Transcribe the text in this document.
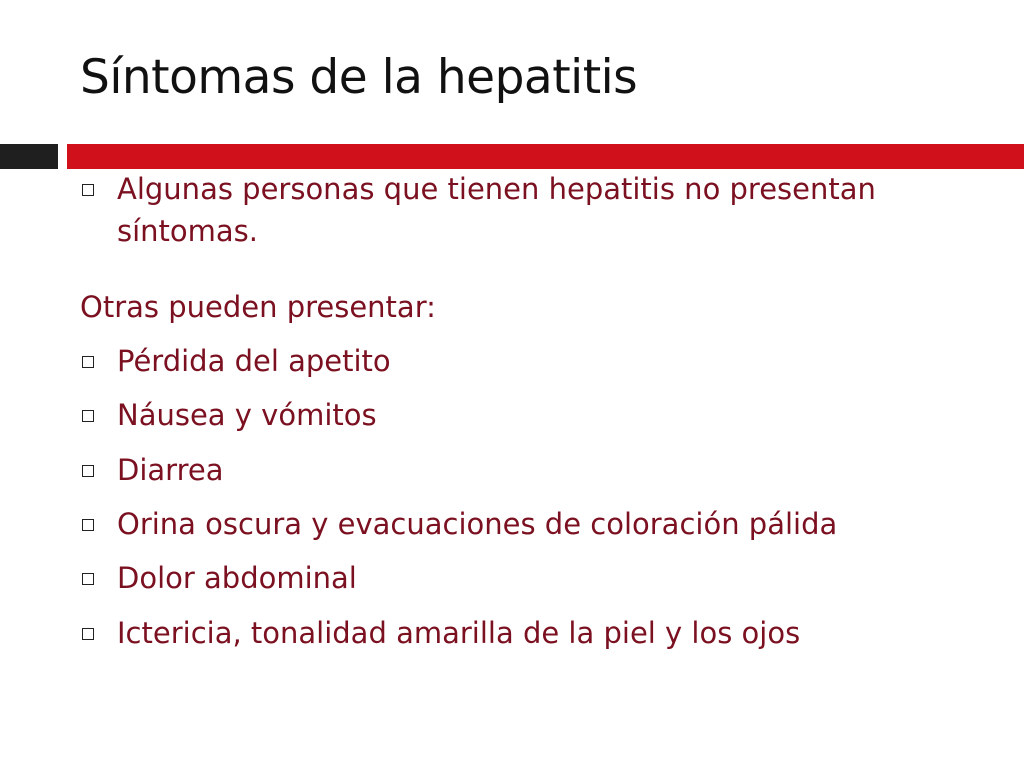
Síntomas de la hepatitis
Algunas personas que tienen hepatitis no presentan
síntomas.
Otras pueden presentar:
Pérdida del apetito
Náusea y vómitos
Diarrea
Orina oscura y evacuaciones de coloración pálida
Dolor abdominal
Ictericia, tonalidad amarilla de la piel y los ojos
